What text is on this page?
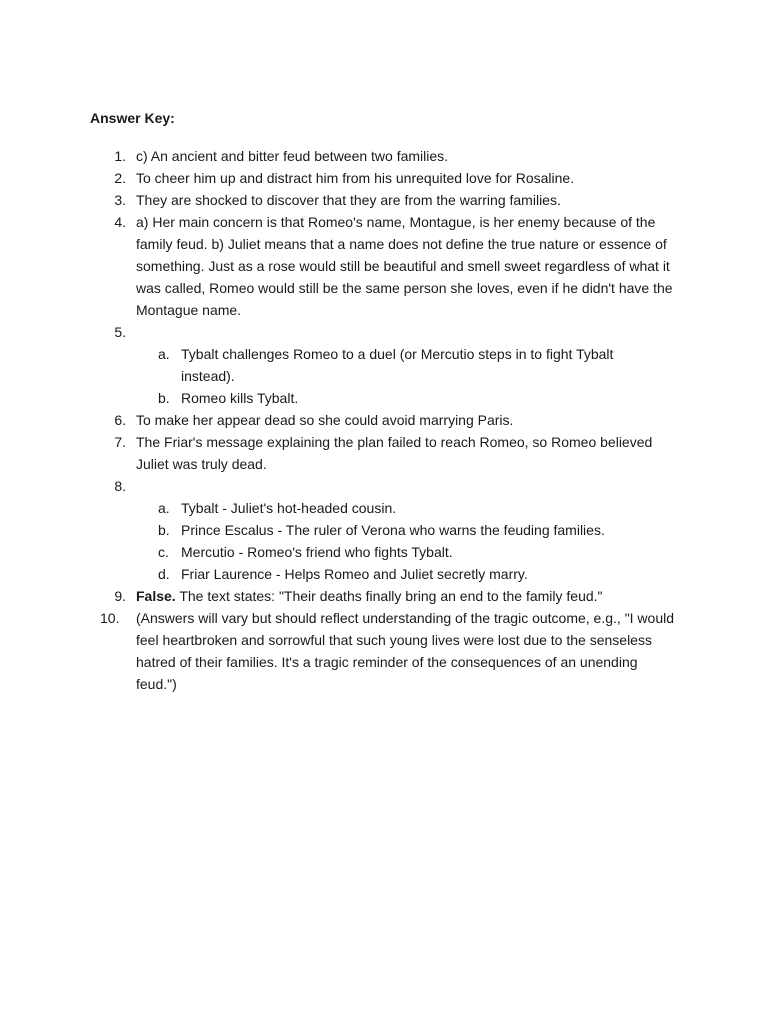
Answer Key:
1. c) An ancient and bitter feud between two families.
2. To cheer him up and distract him from his unrequited love for Rosaline.
3. They are shocked to discover that they are from the warring families.
4. a) Her main concern is that Romeo's name, Montague, is her enemy because of the family feud. b) Juliet means that a name does not define the true nature or essence of something. Just as a rose would still be beautiful and smell sweet regardless of what it was called, Romeo would still be the same person she loves, even if he didn't have the Montague name.
5.
a. Tybalt challenges Romeo to a duel (or Mercutio steps in to fight Tybalt instead).
b. Romeo kills Tybalt.
6. To make her appear dead so she could avoid marrying Paris.
7. The Friar's message explaining the plan failed to reach Romeo, so Romeo believed Juliet was truly dead.
8.
a. Tybalt - Juliet's hot-headed cousin.
b. Prince Escalus - The ruler of Verona who warns the feuding families.
c. Mercutio - Romeo's friend who fights Tybalt.
d. Friar Laurence - Helps Romeo and Juliet secretly marry.
9. False. The text states: "Their deaths finally bring an end to the family feud."
10.	(Answers will vary but should reflect understanding of the tragic outcome, e.g., "I would feel heartbroken and sorrowful that such young lives were lost due to the senseless hatred of their families. It's a tragic reminder of the consequences of an unending feud.")
